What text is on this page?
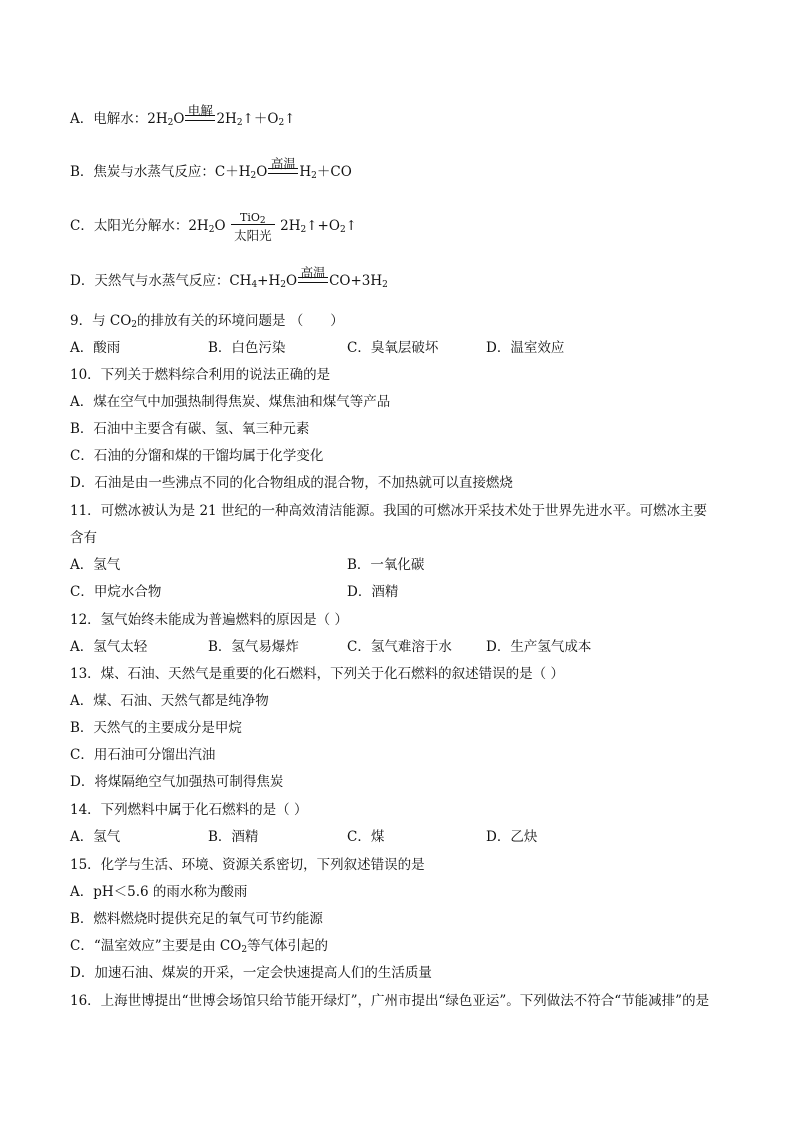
A．电解水：$2H_2O$
电解
$2H_2↑+O_2↑$
B．焦炭与水蒸气反应：$C+H_2O$
高温
$H_2+CO$
C．太阳光分解水：$2H_2O$
TiO$_2$
太阳光
$2H_2↑+O_2↑$
D．天然气与水蒸气反应：$CH_4+H_2O$
高温
$CO+3H_2$
9．与 $CO_2$的排放有关的环境问题是 （　　）
A．酸雨	B．白色污染	C．臭氧层破坏	D．温室效应
10．下列关于燃料综合利用的说法正确的是
A．煤在空气中加强热制得焦炭、煤焦油和煤气等产品
B．石油中主要含有碳、氢、氧三种元素
C．石油的分馏和煤的干馏均属于化学变化
D．石油是由一些沸点不同的化合物组成的混合物，不加热就可以直接燃烧
11．可燃冰被认为是 21 世纪的一种高效清洁能源。我国的可燃冰开采技术处于世界先进水平。可燃冰主要
含有
A．氢气	B．一氧化碳
C．甲烷水合物	D．酒精
12．氢气始终未能成为普遍燃料的原因是（ ）
A．氢气太轻	B．氢气易爆炸	C．氢气难溶于水	D．生产氢气成本
13．煤、石油、天然气是重要的化石燃料，下列关于化石燃料的叙述错误的是（ ）
A．煤、石油、天然气都是纯净物
B．天然气的主要成分是甲烷
C．用石油可分馏出汽油
D．将煤隔绝空气加强热可制得焦炭
14．下列燃料中属于化石燃料的是（ ）
A．氢气	B．酒精	C．煤	D．乙炔
15．化学与生活、环境、资源关系密切，下列叙述错误的是
A．pH＜5.6 的雨水称为酸雨
B．燃料燃烧时提供充足的氧气可节约能源
C．“温室效应”主要是由 $CO_2$等气体引起的
D．加速石油、煤炭的开采，一定会快速提高人们的生活质量
16．上海世博提出“世博会场馆只给节能开绿灯”，广州市提出“绿色亚运”。下列做法不符合“节能减排”的是
